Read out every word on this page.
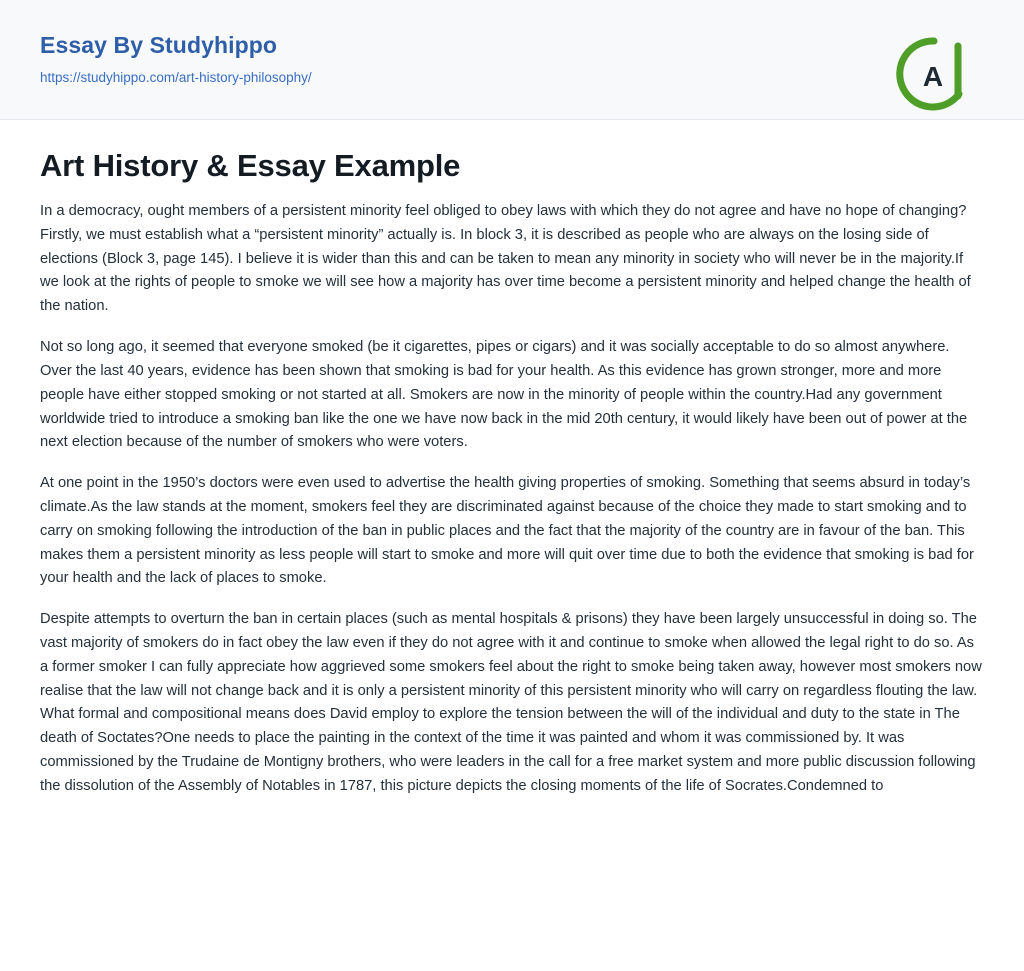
Essay By Studyhippo
https://studyhippo.com/art-history-philosophy/	A
Art History & Essay Example

In a democracy, ought members of a persistent minority feel obliged to obey laws with which they do not agree and have no hope of changing?Firstly, we must establish what a “persistent minority” actually is. In block 3, it is described as people who are always on the losing side of elections (Block 3, page 145). I believe it is wider than this and can be taken to mean any minority in society who will never be in the majority.If we look at the rights of people to smoke we will see how a majority has over time become a persistent minority and helped change the health of the nation.

Not so long ago, it seemed that everyone smoked (be it cigarettes, pipes or cigars) and it was socially acceptable to do so almost anywhere. Over the last 40 years, evidence has been shown that smoking is bad for your health. As this evidence has grown stronger, more and more people have either stopped smoking or not started at all. Smokers are now in the minority of people within the country.Had any government worldwide tried to introduce a smoking ban like the one we have now back in the mid 20th century, it would likely have been out of power at the next election because of the number of smokers who were voters.

At one point in the 1950’s doctors were even used to advertise the health giving properties of smoking. Something that seems absurd in today’s climate.As the law stands at the moment, smokers feel they are discriminated against because of the choice they made to start smoking and to carry on smoking following the introduction of the ban in public places and the fact that the majority of the country are in favour of the ban. This makes them a persistent minority as less people will start to smoke and more will quit over time due to both the evidence that smoking is bad for your health and the lack of places to smoke.

Despite attempts to overturn the ban in certain places (such as mental hospitals & prisons) they have been largely unsuccessful in doing so. The vast majority of smokers do in fact obey the law even if they do not agree with it and continue to smoke when allowed the legal right to do so. As a former smoker I can fully appreciate how aggrieved some smokers feel about the right to smoke being taken away, however most smokers now realise that the law will not change back and it is only a persistent minority of this persistent minority who will carry on regardless flouting the law. What formal and compositional means does David employ to explore the tension between the will of the individual and duty to the state in The death of Soctates?One needs to place the painting in the context of the time it was painted and whom it was commissioned by. It was commissioned by the Trudaine de Montigny brothers, who were leaders in the call for a free market system and more public discussion following the dissolution of the Assembly of Notables in 1787, this picture depicts the closing moments of the life of Socrates.Condemned to
